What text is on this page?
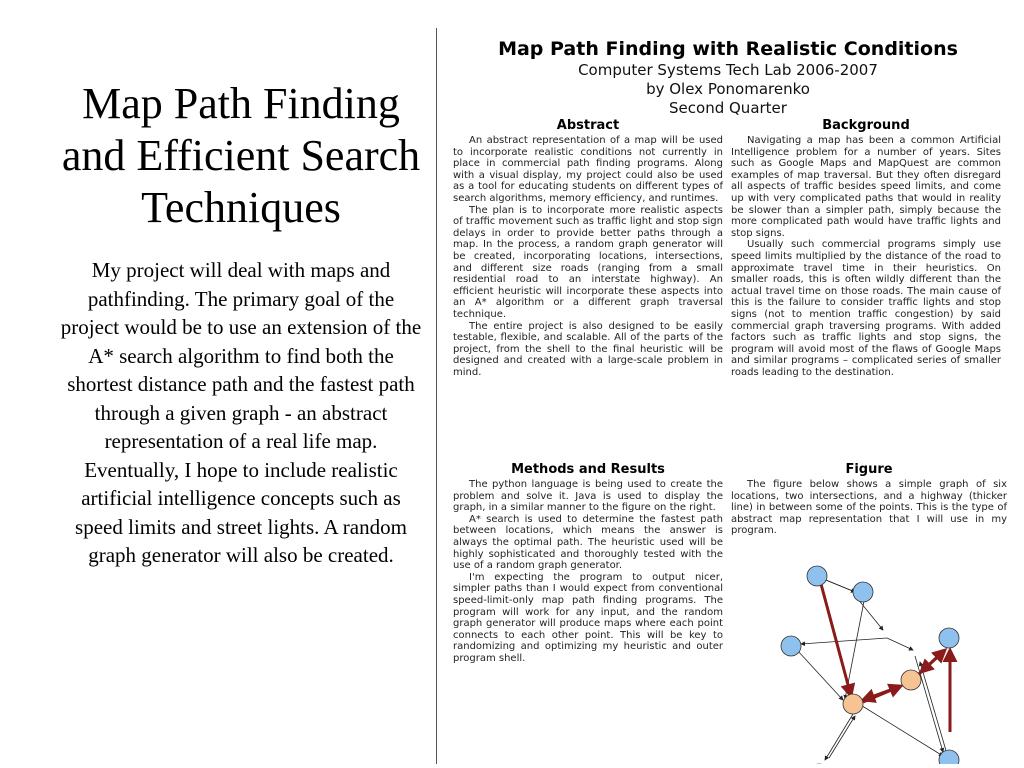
Map Path Finding and Efficient Search Techniques

My project will deal with maps and pathfinding. The primary goal of the project would be to use an extension of the A* search algorithm to find both the shortest distance path and the fastest path through a given graph - an abstract representation of a real life map. Eventually, I hope to include realistic artificial intelligence concepts such as speed limits and street lights. A random graph generator will also be created.

Map Path Finding with Realistic Conditions
Computer Systems Tech Lab 2006-2007
by Olex Ponomarenko
Second Quarter
Abstract

An abstract representation of a map will be used to incorporate realistic conditions not currently in place in commercial path finding programs. Along with a visual display, my project could also be used as a tool for educating students on different types of search algorithms, memory efficiency, and runtimes.

The plan is to incorporate more realistic aspects of traffic movement such as traffic light and stop sign delays in order to provide better paths through a map. In the process, a random graph generator will be created, incorporating locations, intersections, and different size roads (ranging from a small residential road to an interstate highway). An efficient heuristic will incorporate these aspects into an A* algorithm or a different graph traversal technique.

The entire project is also designed to be easily testable, flexible, and scalable. All of the parts of the project, from the shell to the final heuristic will be designed and created with a large-scale problem in mind.

Background

Navigating a map has been a common Artificial Intelligence problem for a number of years. Sites such as Google Maps and MapQuest are common examples of map traversal. But they often disregard all aspects of traffic besides speed limits, and come up with very complicated paths that would in reality be slower than a simpler path, simply because the more complicated path would have traffic lights and stop signs.

Usually such commercial programs simply use speed limits multiplied by the distance of the road to approximate travel time in their heuristics. On smaller roads, this is often wildly different than the actual travel time on those roads. The main cause of this is the failure to consider traffic lights and stop signs (not to mention traffic congestion) by said commercial graph traversing programs. With added factors such as traffic lights and stop signs, the program will avoid most of the flaws of Google Maps and similar programs – complicated series of smaller roads leading to the destination.

Methods and Results

The python language is being used to create the problem and solve it. Java is used to display the graph, in a similar manner to the figure on the right.

A* search is used to determine the fastest path between locations, which means the answer is always the optimal path. The heuristic used will be highly sophisticated and thoroughly tested with the use of a random graph generator.

I'm expecting the program to output nicer, simpler paths than I would expect from conventional speed-limit-only map path finding programs. The program will work for any input, and the random graph generator will produce maps where each point connects to each other point. This will be key to randomizing and optimizing my heuristic and outer program shell.

Figure

The figure below shows a simple graph of six locations, two intersections, and a highway (thicker line) in between some of the points. This is the type of abstract map representation that I will use in my program.
